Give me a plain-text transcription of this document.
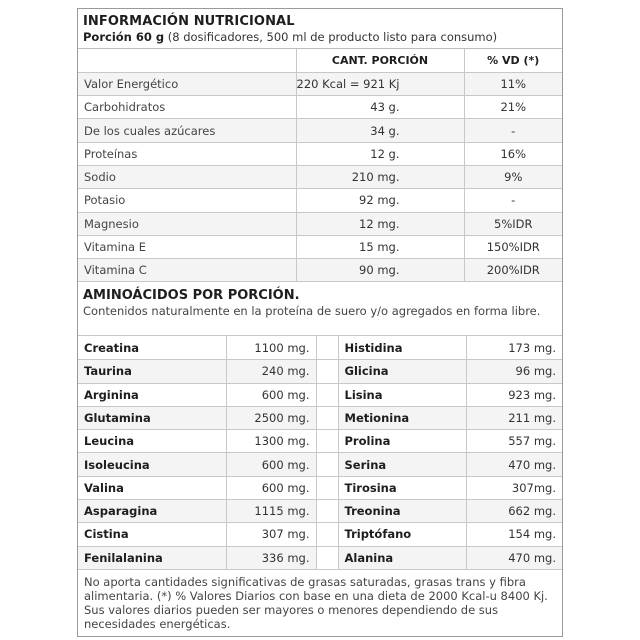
INFORMACIÓN NUTRICIONAL
Porción 60 g (8 dosificadores, 500 ml de producto listo para consumo)
	CANT. PORCIÓN	% VD (*)
Valor Energético	220 Kcal = 921 Kj	11%
Carbohidratos	43 g.	21%
De los cuales azúcares	34 g.	-
Proteínas	12 g.	16%
Sodio	210 mg.	9%
Potasio	92 mg.	-
Magnesio	12 mg.	5%IDR
Vitamina E	15 mg.	150%IDR
Vitamina C	90 mg.	200%IDR
AMINOÁCIDOS POR PORCIÓN.
Contenidos naturalmente en la proteína de suero y/o agregados en forma libre.
Creatina	1100 mg.		Histidina	173 mg.
Taurina	240 mg.		Glicina	96 mg.
Arginina	600 mg.		Lisina	923 mg.
Glutamina	2500 mg.		Metionina	211 mg.
Leucina	1300 mg.		Prolina	557 mg.
Isoleucina	600 mg.		Serina	470 mg.
Valina	600 mg.		Tirosina	307mg.
Asparagina	1115 mg.		Treonina	662 mg.
Cistina	307 mg.		Triptófano	154 mg.
Fenilalanina	336 mg.		Alanina	470 mg.
No aporta cantidades significativas de grasas saturadas, grasas trans y fibra alimentaria. (*) % Valores Diarios con base en una dieta de 2000 Kcal-u 8400 Kj. Sus valores diarios pueden ser mayores o menores dependiendo de sus necesidades energéticas.
